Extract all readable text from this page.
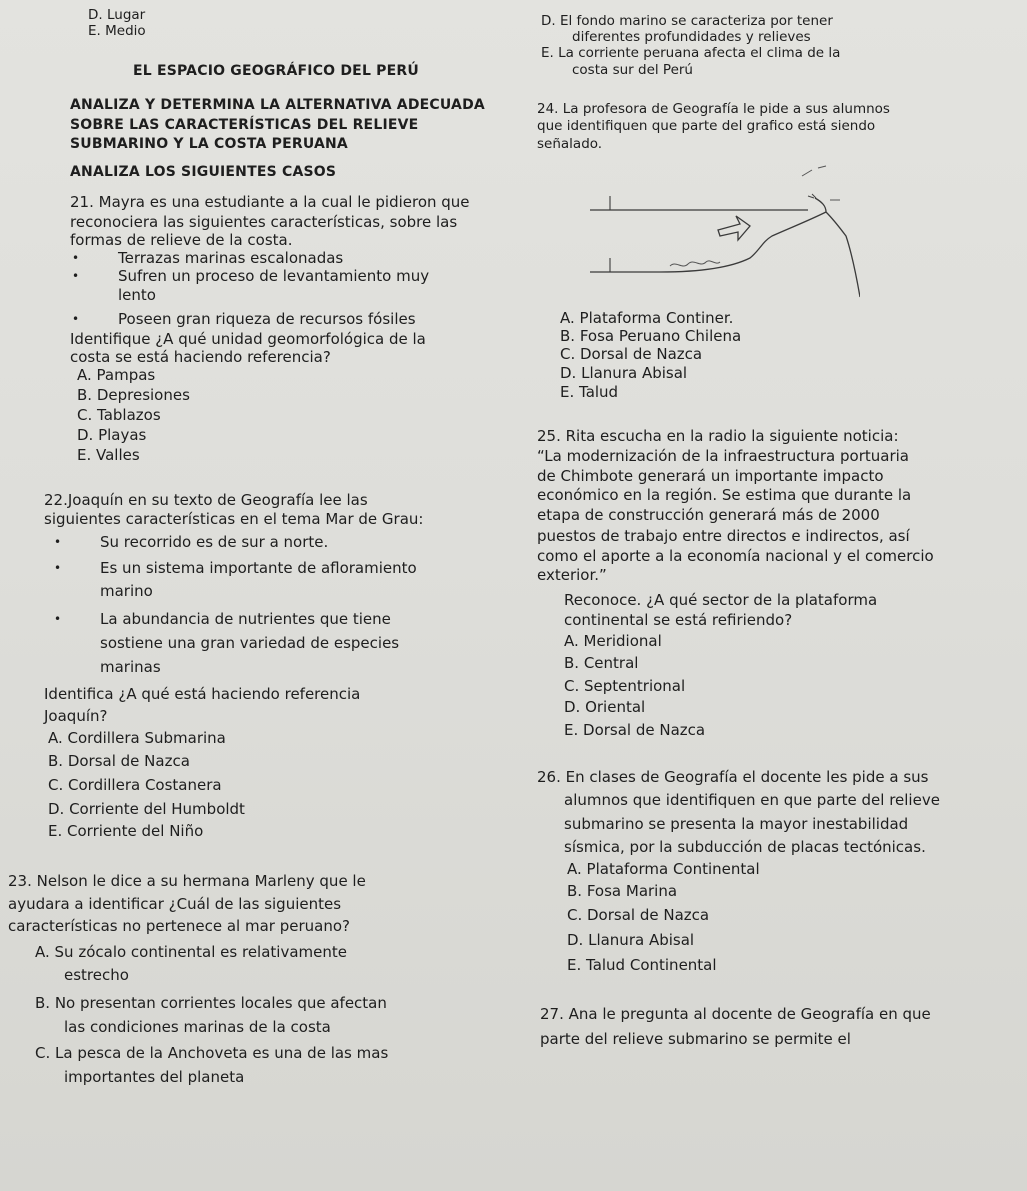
D. Lugar
E. Medio
EL ESPACIO GEOGRÁFICO DEL PERÚ
ANALIZA Y DETERMINA LA ALTERNATIVA ADECUADA
SOBRE LAS CARACTERÍSTICAS DEL RELIEVE
SUBMARINO Y LA COSTA PERUANA
ANALIZA LOS SIGUIENTES CASOS
21. Mayra es una estudiante a la cual le pidieron que
reconociera las siguientes características, sobre las
formas de relieve de la costa.
• Terrazas marinas escalonadas
• Sufren un proceso de levantamiento muy
lento
• Poseen gran riqueza de recursos fósiles
Identifique ¿A qué unidad geomorfológica de la
costa se está haciendo referencia?
A. Pampas
B. Depresiones
C. Tablazos
D. Playas
E. Valles
22.Joaquín en su texto de Geografía lee las
siguientes características en el tema Mar de Grau:
• Su recorrido es de sur a norte.
• Es un sistema importante de afloramiento
marino
• La abundancia de nutrientes que tiene
sostiene una gran variedad de especies
marinas
Identifica ¿A qué está haciendo referencia
Joaquín?
A. Cordillera Submarina
B. Dorsal de Nazca
C. Cordillera Costanera
D. Corriente del Humboldt
E. Corriente del Niño
23. Nelson le dice a su hermana Marleny que le
ayudara a identificar ¿Cuál de las siguientes
características no pertenece al mar peruano?
A. Su zócalo continental es relativamente
estrecho
B. No presentan corrientes locales que afectan
las condiciones marinas de la costa
C. La pesca de la Anchoveta es una de las mas
importantes del planeta
D. El fondo marino se caracteriza por tener
diferentes profundidades y relieves
E. La corriente peruana afecta el clima de la
costa sur del Perú
24. La profesora de Geografía le pide a sus alumnos
que identifiquen que parte del grafico está siendo
señalado.
A. Plataforma Continer.
B. Fosa Peruano Chilena
C. Dorsal de Nazca
D. Llanura Abisal
E. Talud
25. Rita escucha en la radio la siguiente noticia:
“La modernización de la infraestructura portuaria
de Chimbote generará un importante impacto
económico en la región. Se estima que durante la
etapa de construcción generará más de 2000
puestos de trabajo entre directos e indirectos, así
como el aporte a la economía nacional y el comercio
exterior.”
Reconoce. ¿A qué sector de la plataforma
continental se está refiriendo?
A. Meridional
B. Central
C. Septentrional
D. Oriental
E. Dorsal de Nazca
26. En clases de Geografía el docente les pide a sus
alumnos que identifiquen en que parte del relieve
submarino se presenta la mayor inestabilidad
sísmica, por la subducción de placas tectónicas.
A. Plataforma Continental
B. Fosa Marina
C. Dorsal de Nazca
D. Llanura Abisal
E. Talud Continental
27. Ana le pregunta al docente de Geografía en que
parte del relieve submarino se permite el
